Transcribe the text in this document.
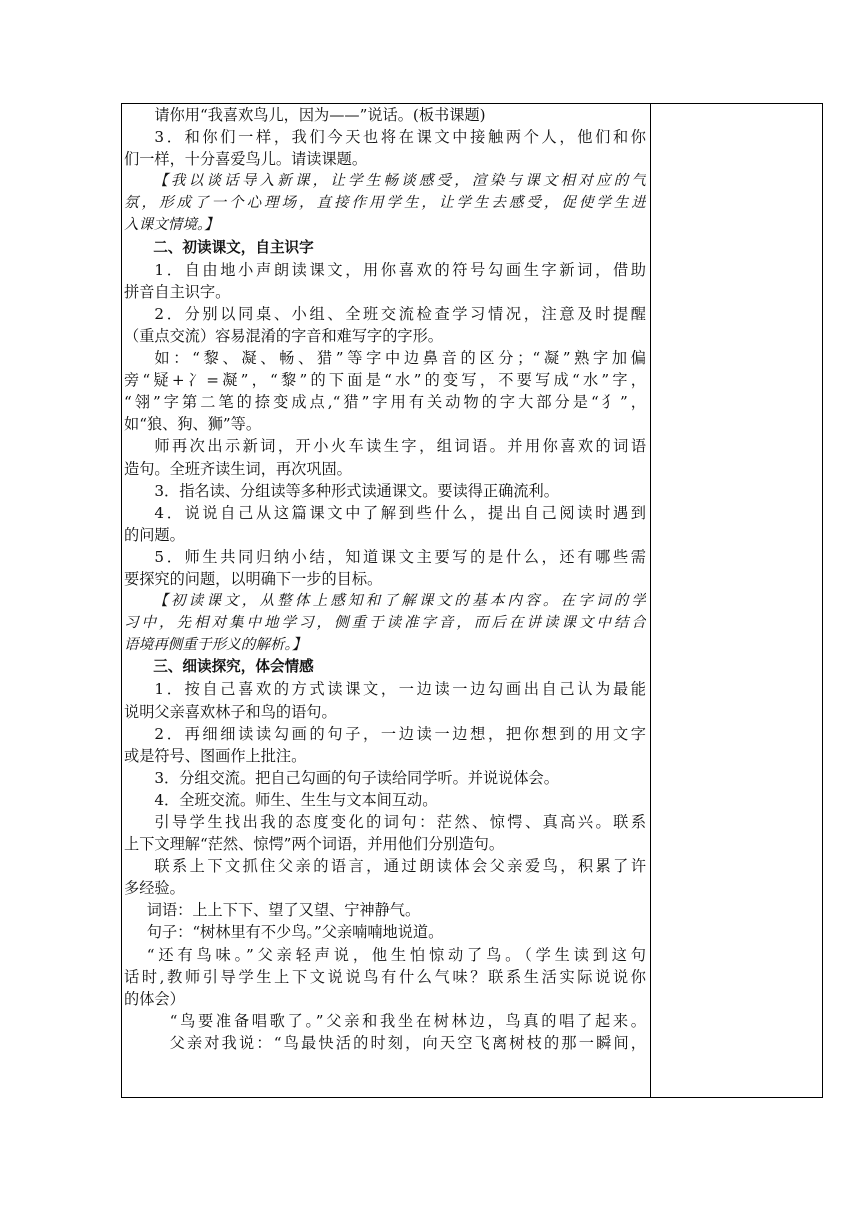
请你用“我喜欢鸟儿，因为——”说话。(板书课题)
3．和你们一样，我们今天也将在课文中接触两个人，他们和你
们一样，十分喜爱鸟儿。请读课题。
【我以谈话导入新课，让学生畅谈感受，渲染与课文相对应的气
氛，形成了一个心理场，直接作用学生，让学生去感受，促使学生进
入课文情境。】
二、初读课文，自主识字
1．自由地小声朗读课文，用你喜欢的符号勾画生字新词，借助
拼音自主识字。
2．分别以同桌、小组、全班交流检查学习情况，注意及时提醒
（重点交流）容易混淆的字音和难写字的字形。
如：“黎、凝、畅、猎”等字中边鼻音的区分；“凝”熟字加偏
旁“疑+冫=凝”，“黎”的下面是“水”的变写，不要写成“水”字，
“翎”字第二笔的捺变成点,“猎”字用有关动物的字大部分是“犭”，
如“狼、狗、狮”等。
师再次出示新词，开小火车读生字，组词语。并用你喜欢的词语
造句。全班齐读生词，再次巩固。
3．指名读、分组读等多种形式读通课文。要读得正确流利。
4．说说自己从这篇课文中了解到些什么，提出自己阅读时遇到
的问题。
5．师生共同归纳小结，知道课文主要写的是什么，还有哪些需
要探究的问题，以明确下一步的目标。
【初读课文，从整体上感知和了解课文的基本内容。在字词的学
习中，先相对集中地学习，侧重于读准字音，而后在讲读课文中结合
语境再侧重于形义的解析。】
三、细读探究，体会情感
1．按自己喜欢的方式读课文，一边读一边勾画出自己认为最能
说明父亲喜欢林子和鸟的语句。
2．再细细读读勾画的句子，一边读一边想，把你想到的用文字
或是符号、图画作上批注。
3．分组交流。把自己勾画的句子读给同学听。并说说体会。
4．全班交流。师生、生生与文本间互动。
引导学生找出我的态度变化的词句：茫然、惊愕、真高兴。联系
上下文理解“茫然、惊愕”两个词语，并用他们分别造句。
联系上下文抓住父亲的语言，通过朗读体会父亲爱鸟，积累了许
多经验。
词语：上上下下、望了又望、宁神静气。
句子：“树林里有不少鸟。”父亲喃喃地说道。
“还有鸟味。”父亲轻声说，他生怕惊动了鸟。（学生读到这句
话时,教师引导学生上下文说说鸟有什么气味？联系生活实际说说你
的体会）
“鸟要准备唱歌了。”父亲和我坐在树林边，鸟真的唱了起来。
父亲对我说：“鸟最快活的时刻，向天空飞离树枝的那一瞬间，
